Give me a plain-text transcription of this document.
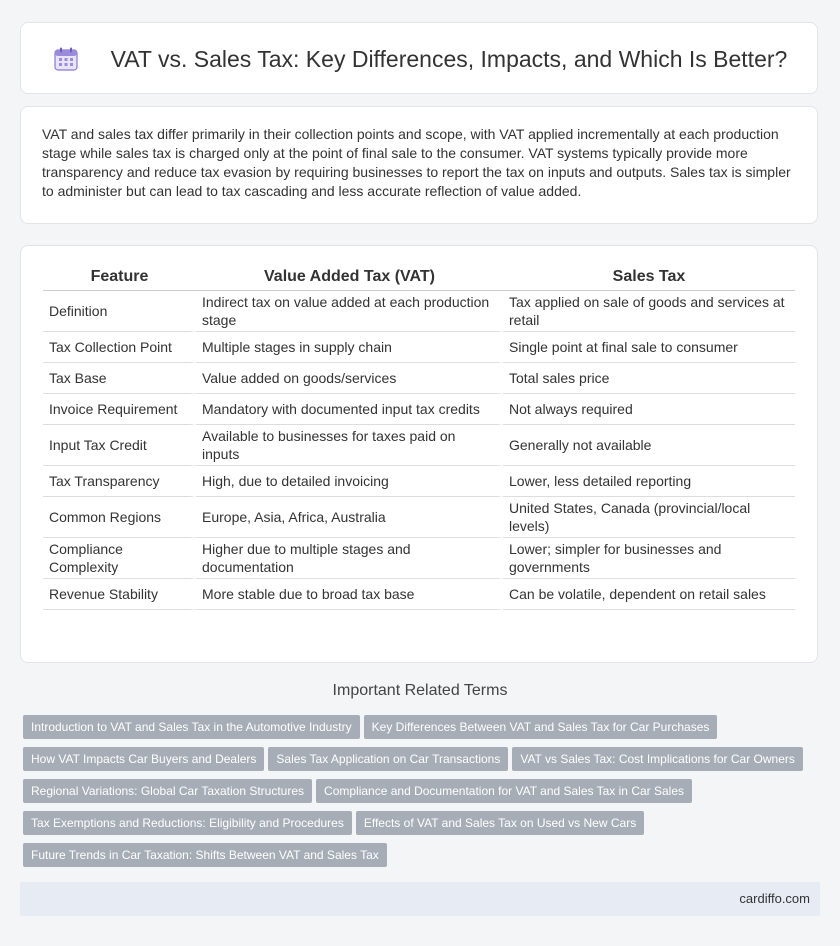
VAT vs. Sales Tax: Key Differences, Impacts, and Which Is Better?

VAT and sales tax differ primarily in their collection points and scope, with VAT applied incrementally at each production stage while sales tax is charged only at the point of final sale to the consumer. VAT systems typically provide more transparency and reduce tax evasion by requiring businesses to report the tax on inputs and outputs. Sales tax is simpler to administer but can lead to tax cascading and less accurate reflection of value added.

Feature	Value Added Tax (VAT)	Sales Tax
Definition	Indirect tax on value added at each production stage	Tax applied on sale of goods and services at retail
Tax Collection Point	Multiple stages in supply chain	Single point at final sale to consumer
Tax Base	Value added on goods/services	Total sales price
Invoice Requirement	Mandatory with documented input tax credits	Not always required
Input Tax Credit	Available to businesses for taxes paid on inputs	Generally not available
Tax Transparency	High, due to detailed invoicing	Lower, less detailed reporting
Common Regions	Europe, Asia, Africa, Australia	United States, Canada (provincial/local levels)
Compliance Complexity	Higher due to multiple stages and documentation	Lower; simpler for businesses and governments
Revenue Stability	More stable due to broad tax base	Can be volatile, dependent on retail sales
Important Related Terms
Introduction to VAT and Sales Tax in the Automotive Industry Key Differences Between VAT and Sales Tax for Car Purchases
How VAT Impacts Car Buyers and Dealers Sales Tax Application on Car Transactions VAT vs Sales Tax: Cost Implications for Car Owners
Regional Variations: Global Car Taxation Structures Compliance and Documentation for VAT and Sales Tax in Car Sales
Tax Exemptions and Reductions: Eligibility and Procedures Effects of VAT and Sales Tax on Used vs New Cars
Future Trends in Car Taxation: Shifts Between VAT and Sales Tax
cardiffo.com
